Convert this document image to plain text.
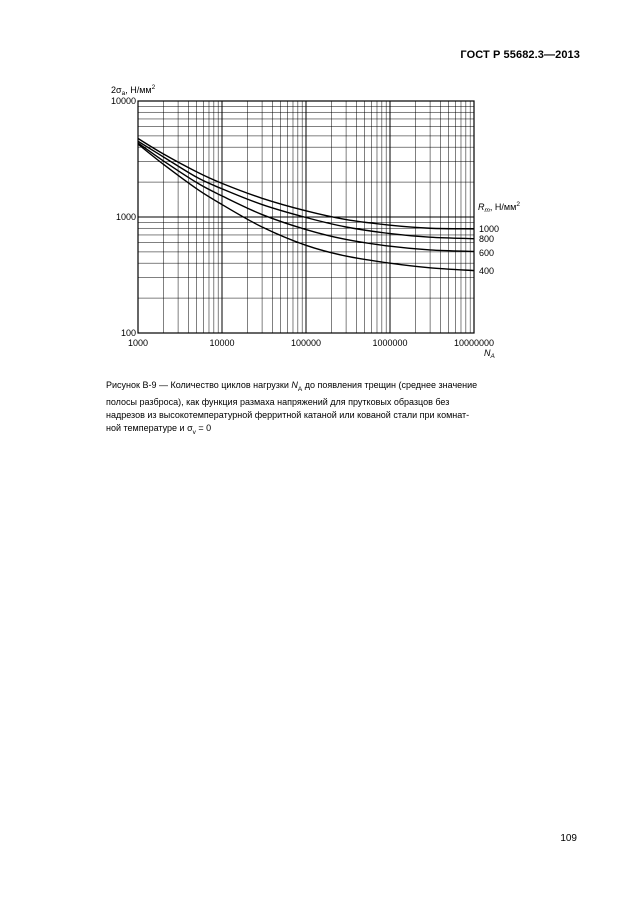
ГОСТ Р 55682.3—2013
1000	10000	100000	1000000	10000000
100
1000
10000
$2\sigma_a$, $Н/мм^2$
$N_A$
$R_m$, $Н/мм^2$
1000
800
600
400
Рисунок В-9 — Количество циклов нагрузки $N_A$ до появления трещин (среднее значение
полосы разброса), как функция размаха напряжений для прутковых образцов без
надрезов из высокотемпературной ферритной катаной или кованой стали при комнат-
ной температуре и $\sigma_v = 0$
109
